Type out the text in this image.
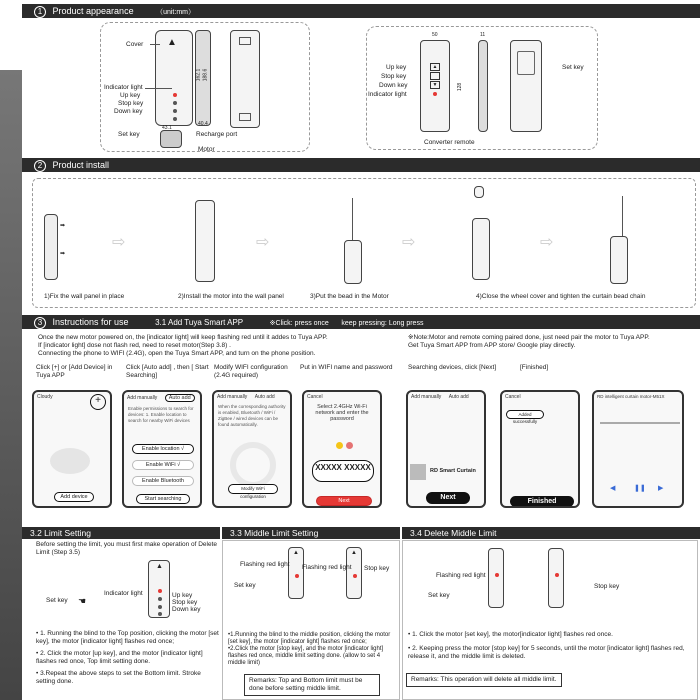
1 Product appearance	（unit:mm）
▲
Cover
Indicator light
Up key
Stop key
Down key
Set key	Recharge port
Motor
162.1 188.6
40.4
43.1
▲
▼
Up key
Stop key
Down key
Indicator light
Set key
Converter remote
50	11
128
2 Product install
➡
➡
⇨	⇨	⇨	⇨
1)Fix the wall panel in place	2)Install the motor into the wall panel	3)Put the bead in the Motor	4)Close the wheel cover and tighten the curtain bead chain
3 Instructions for use	3.1 Add Tuya Smart APP	※Click: press once keep pressing: Long press
Once the new motor powered on, the [indicator light] will keep flashing red until it addes to Tuya APP.
If [indicator light] dose not flash red, need to reset motor(Step 3.8) .
Connecting the phone to WIFI (2.4G), open the Tuya Smart APP, and turn on the phone position.
※Note:Motor and remote coming paired done, just need pair the motor to Tuya APP.
Get Tuya Smart APP from APP store/ Google play directly.
Click [+] or [Add Device] in Tuya APP
Click [Auto add] , then [ Start Searching]
Modify WIFI configuration (2.4G required)
Put in WIFI name and password	Searching devices, click [Next]	[Finished]
Cloudy	+
Add device
Add manually Auto add
Enable permissions to search for devices: 1. Enable location to search for nearby WiFi devices
Enable location √
Enable WiFi √
Enable Bluetooth
Start searching
Add manually Auto add
When the corresponding authority is enabled, Bluetooth / WiFi / ZigBee / wired devices can be found automatically.
Modify WiFi configuration
Cancel
Select 2.4GHz Wi-Fi network and enter the password
XXXXX XXXXX
Next
Add manually Auto add
RD Smart Curtain
Next
Cancel
Added successfully
Finished
RD intelligent curtain motor-M51X
◀	❚❚ ▶
3.2 Limit Setting	3.3 Middle Limit Setting	3.4 Delete Middle Limit
Before setting the limit, you must first make operation of Delete Limit (Step 3.5)
▲
Indicator light
Set key ☚
Up key
Stop key
Down key
• 1. Running the blind to the Top position, clicking the motor [set key], the motor [indicator light] flashes red once;
• 2. Click the motor [up key], and the motor [indicator light] flashes red once, Top limit setting done.
• 3.Repeat the above steps to set the Bottom limit. Stroke setting done.
▲	▲
Flashing red light Flashing red light
Set key
Stop key
•1.Running the blind to the middle position, clicking the motor [set key], the motor [indicator light] flashes red once;
•2.Click the motor [stop key], and the motor [indicator light] flashes red once, middle limit setting done. (allow to set 4 middle limit)
Remarks: Top and Bottom limit must be done before setting middle limit.
Flashing red light
Set key
Stop key
• 1. Click the motor [set key], the motor[indicator light] flashes red once.
• 2. Keeping press the motor [stop key] for 5 seconds, until the motor [indicator light] flashes red, release it, and the middle limit is deleted.
Remarks: This operation will delete all middle limit.
